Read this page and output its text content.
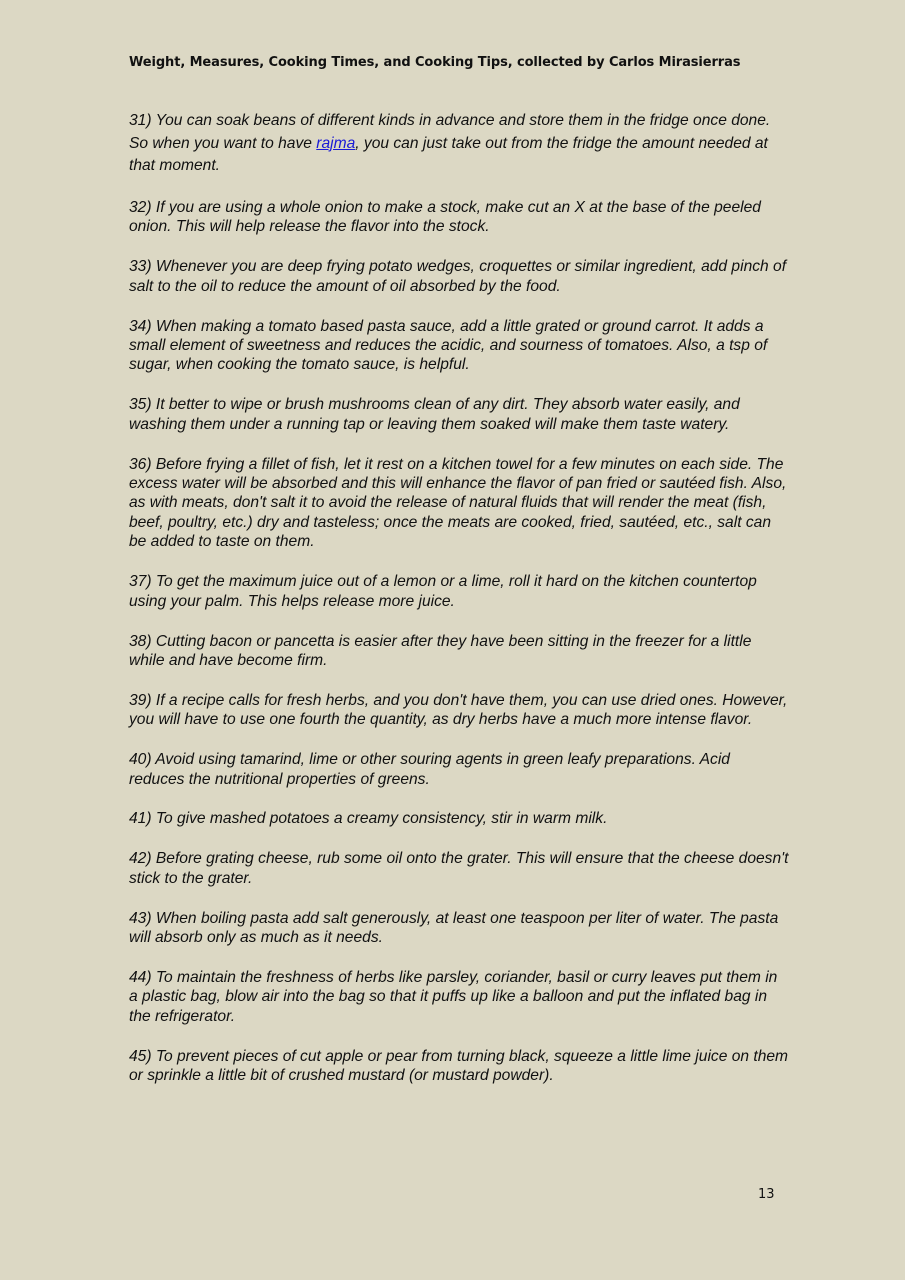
Weight, Measures, Cooking Times, and Cooking Tips, collected by Carlos Mirasierras

31) You can soak beans of different kinds in advance and store them in the fridge once done. So when you want to have rajma, you can just take out from the fridge the amount needed at that moment.

32) If you are using a whole onion to make a stock, make cut an X at the base of the peeled onion. This will help release the flavor into the stock.

33) Whenever you are deep frying potato wedges, croquettes or similar ingredient, add pinch of salt to the oil to reduce the amount of oil absorbed by the food.

34) When making a tomato based pasta sauce, add a little grated or ground carrot. It adds a small element of sweetness and reduces the acidic, and sourness of tomatoes. Also, a tsp of sugar, when cooking the tomato sauce, is helpful.

35) It better to wipe or brush mushrooms clean of any dirt. They absorb water easily, and washing them under a running tap or leaving them soaked will make them taste watery.

36) Before frying a fillet of fish, let it rest on a kitchen towel for a few minutes on each side. The excess water will be absorbed and this will enhance the flavor of pan fried or sautéed fish. Also, as with meats, don't salt it to avoid the release of natural fluids that will render the meat (fish, beef, poultry, etc.) dry and tasteless; once the meats are cooked, fried, sautéed, etc., salt can be added to taste on them.

37) To get the maximum juice out of a lemon or a lime, roll it hard on the kitchen countertop using your palm. This helps release more juice.

38) Cutting bacon or pancetta is easier after they have been sitting in the freezer for a little while and have become firm.

39) If a recipe calls for fresh herbs, and you don't have them, you can use dried ones. However, you will have to use one fourth the quantity, as dry herbs have a much more intense flavor.

40) Avoid using tamarind, lime or other souring agents in green leafy preparations. Acid reduces the nutritional properties of greens.

41) To give mashed potatoes a creamy consistency, stir in warm milk.

42) Before grating cheese, rub some oil onto the grater. This will ensure that the cheese doesn't stick to the grater.

43) When boiling pasta add salt generously, at least one teaspoon per liter of water. The pasta will absorb only as much as it needs.

44) To maintain the freshness of herbs like parsley, coriander, basil or curry leaves put them in a plastic bag, blow air into the bag so that it puffs up like a balloon and put the inflated bag in the refrigerator.

45) To prevent pieces of cut apple or pear from turning black, squeeze a little lime juice on them or sprinkle a little bit of crushed mustard (or mustard powder).

13
